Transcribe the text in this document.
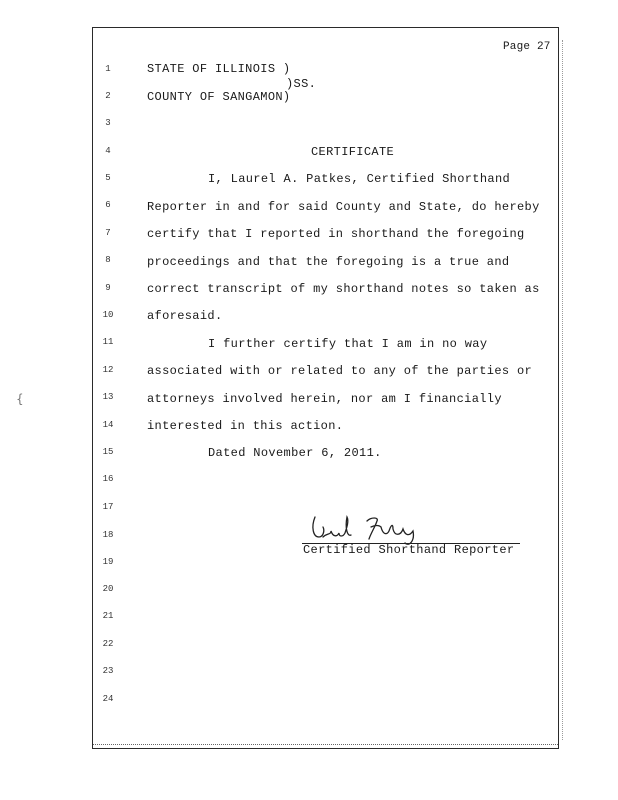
{
Page 27
1
2
3
4
5
6
7
8
9
10
11
12
13
14
15
16
17
18
19
20
21
22
23
24
STATE OF ILLINOIS )
)SS.
COUNTY OF SANGAMON)
CERTIFICATE
I, Laurel A. Patkes, Certified Shorthand
Reporter in and for said County and State, do hereby
certify that I reported in shorthand the foregoing
proceedings and that the foregoing is a true and
correct transcript of my shorthand notes so taken as
aforesaid.
I further certify that I am in no way
associated with or related to any of the parties or
attorneys involved herein, nor am I financially
interested in this action.
Dated November 6, 2011.
Certified Shorthand Reporter
